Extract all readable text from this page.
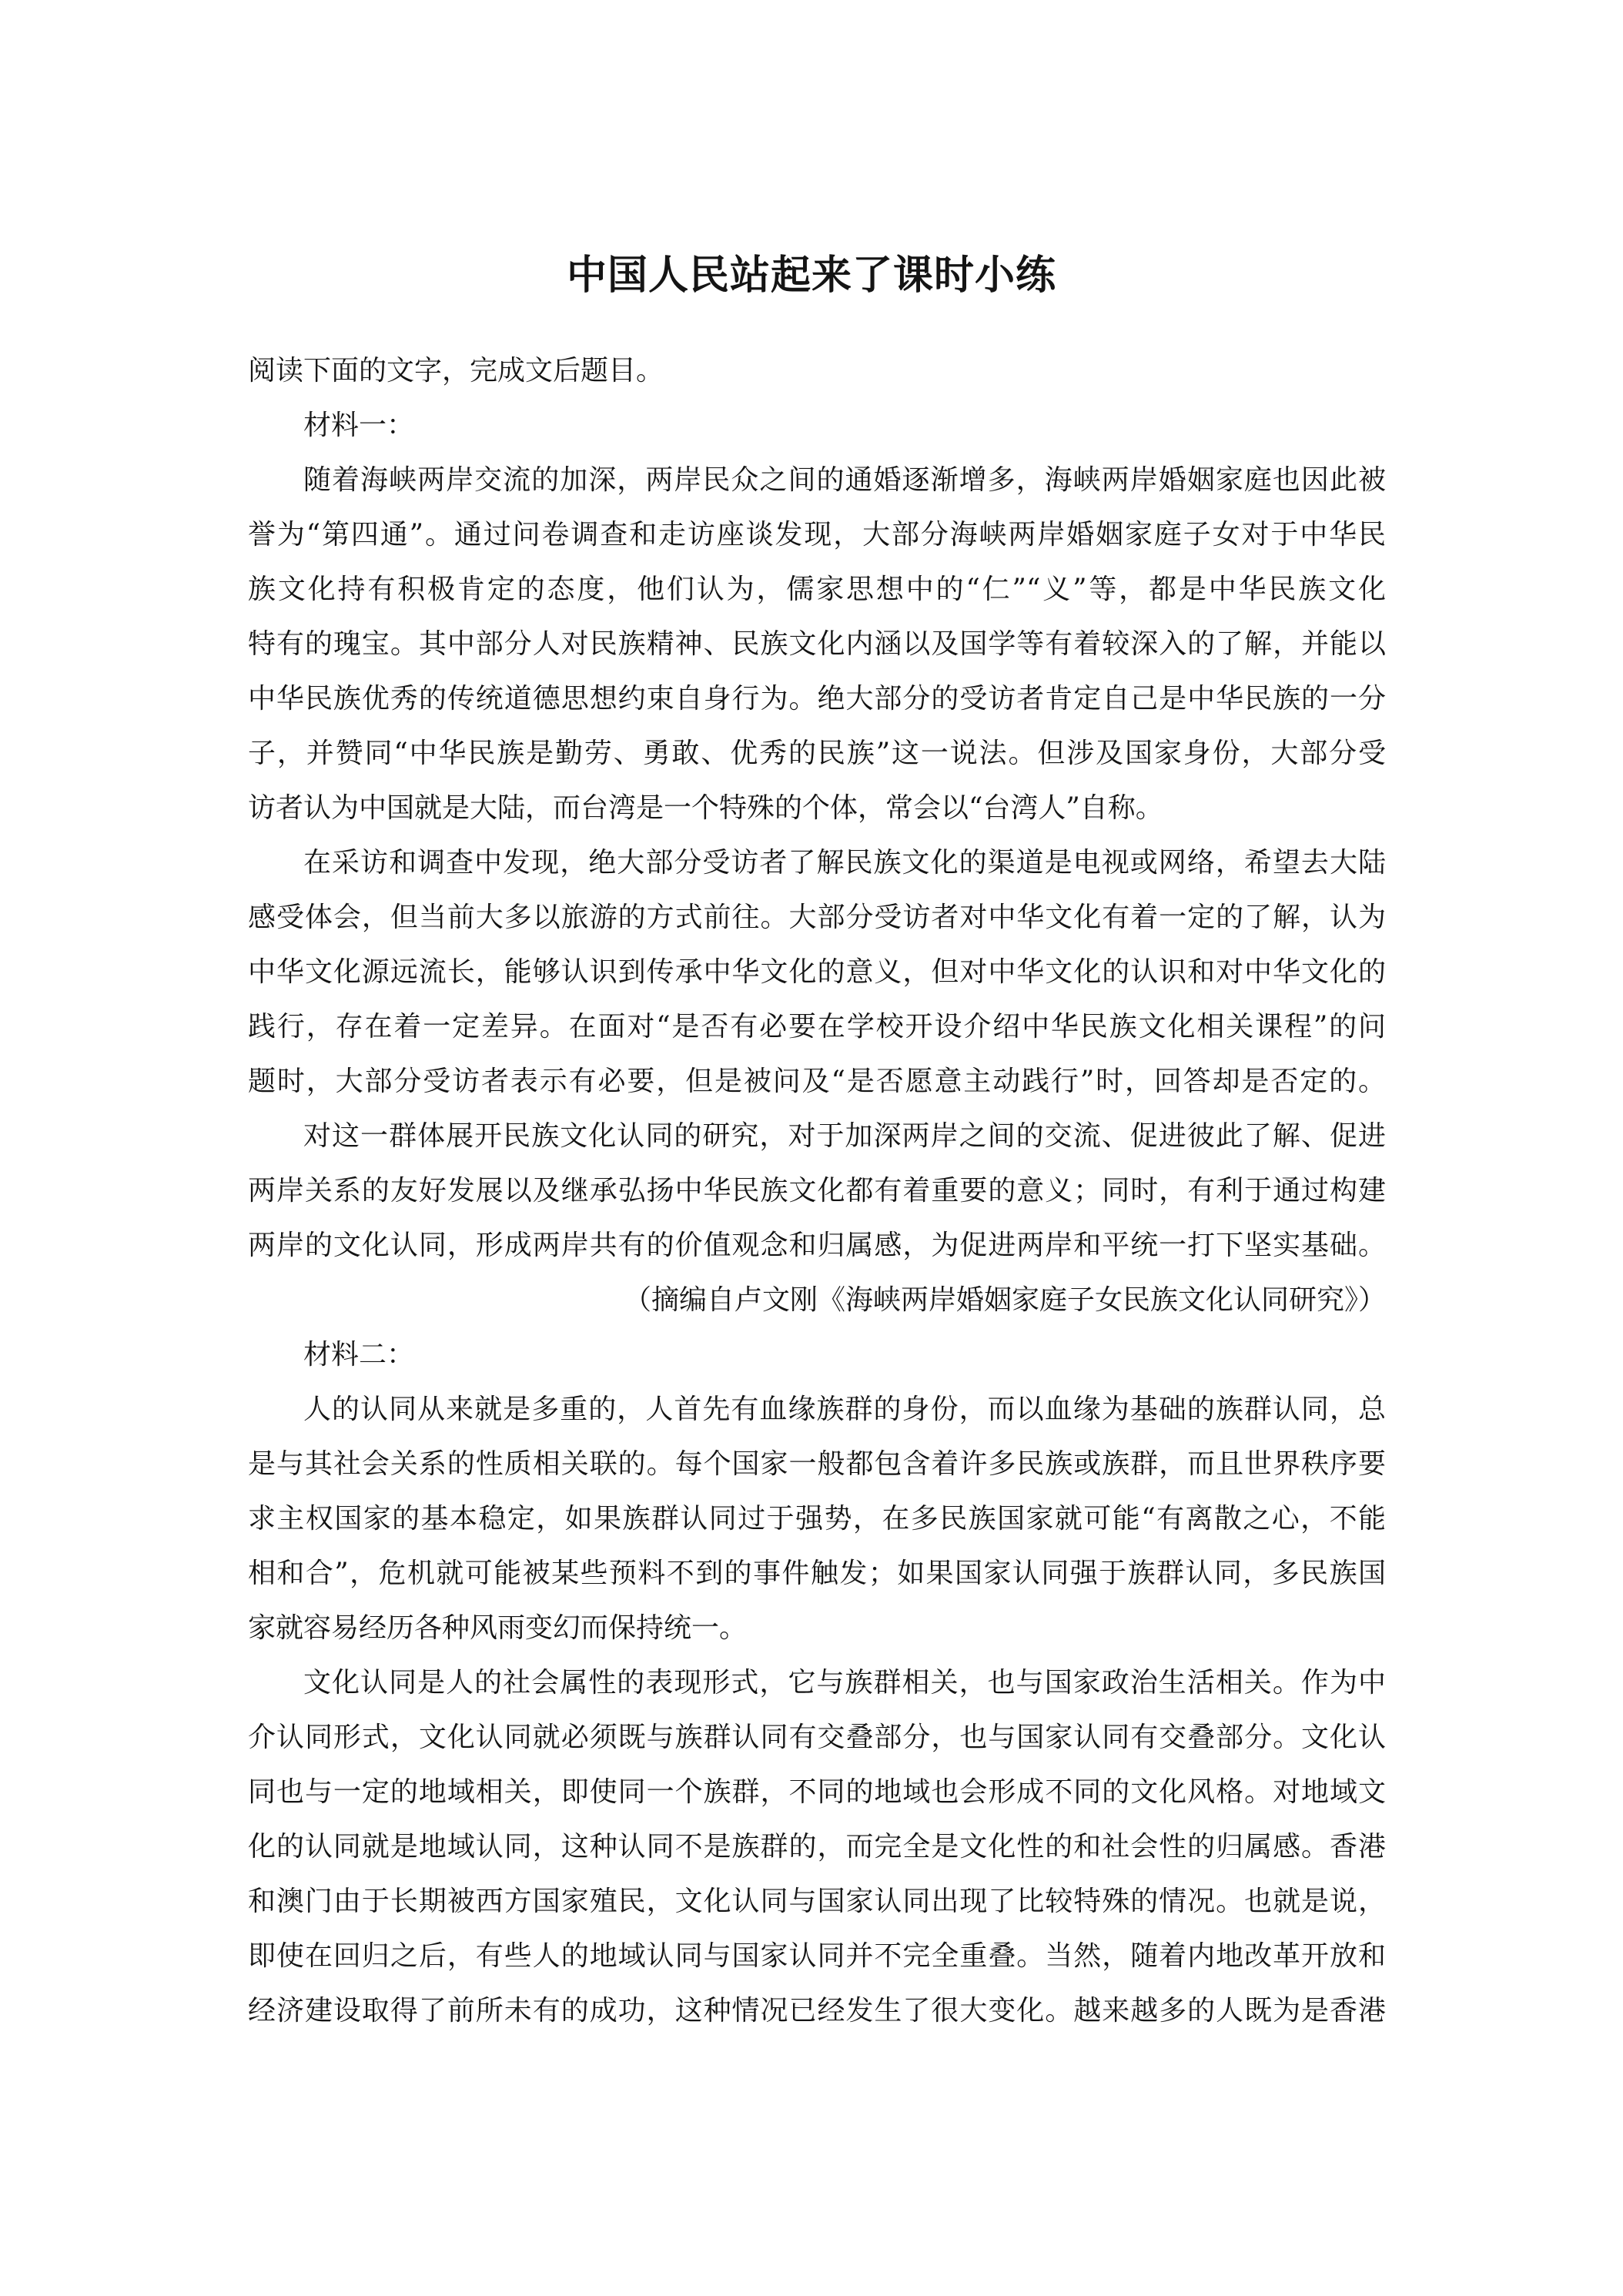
中国人民站起来了课时小练

阅读下面的文字，完成文后题目。

材料一：

随着海峡两岸交流的加深，两岸民众之间的通婚逐渐增多，海峡两岸婚姻家庭也因此被

誉为“第四通”。通过问卷调查和走访座谈发现，大部分海峡两岸婚姻家庭子女对于中华民

族文化持有积极肯定的态度，他们认为，儒家思想中的“仁”“义”等，都是中华民族文化

特有的瑰宝。其中部分人对民族精神、民族文化内涵以及国学等有着较深入的了解，并能以

中华民族优秀的传统道德思想约束自身行为。绝大部分的受访者肯定自己是中华民族的一分

子，并赞同“中华民族是勤劳、勇敢、优秀的民族”这一说法。但涉及国家身份，大部分受

访者认为中国就是大陆，而台湾是一个特殊的个体，常会以“台湾人”自称。

在采访和调查中发现，绝大部分受访者了解民族文化的渠道是电视或网络，希望去大陆

感受体会，但当前大多以旅游的方式前往。大部分受访者对中华文化有着一定的了解，认为

中华文化源远流长，能够认识到传承中华文化的意义，但对中华文化的认识和对中华文化的

践行，存在着一定差异。在面对“是否有必要在学校开设介绍中华民族文化相关课程”的问

题时，大部分受访者表示有必要，但是被问及“是否愿意主动践行”时，回答却是否定的。

对这一群体展开民族文化认同的研究，对于加深两岸之间的交流、促进彼此了解、促进

两岸关系的友好发展以及继承弘扬中华民族文化都有着重要的意义；同时，有利于通过构建

两岸的文化认同，形成两岸共有的价值观念和归属感，为促进两岸和平统一打下坚实基础。

（摘编自卢文刚《海峡两岸婚姻家庭子女民族文化认同研究》）

材料二：

人的认同从来就是多重的，人首先有血缘族群的身份，而以血缘为基础的族群认同，总

是与其社会关系的性质相关联的。每个国家一般都包含着许多民族或族群，而且世界秩序要

求主权国家的基本稳定，如果族群认同过于强势，在多民族国家就可能“有离散之心，不能

相和合”，危机就可能被某些预料不到的事件触发；如果国家认同强于族群认同，多民族国

家就容易经历各种风雨变幻而保持统一。

文化认同是人的社会属性的表现形式，它与族群相关，也与国家政治生活相关。作为中

介认同形式，文化认同就必须既与族群认同有交叠部分，也与国家认同有交叠部分。文化认

同也与一定的地域相关，即使同一个族群，不同的地域也会形成不同的文化风格。对地域文

化的认同就是地域认同，这种认同不是族群的，而完全是文化性的和社会性的归属感。香港

和澳门由于长期被西方国家殖民，文化认同与国家认同出现了比较特殊的情况。也就是说，

即使在回归之后，有些人的地域认同与国家认同并不完全重叠。当然，随着内地改革开放和

经济建设取得了前所未有的成功，这种情况已经发生了很大变化。越来越多的人既为是香港
